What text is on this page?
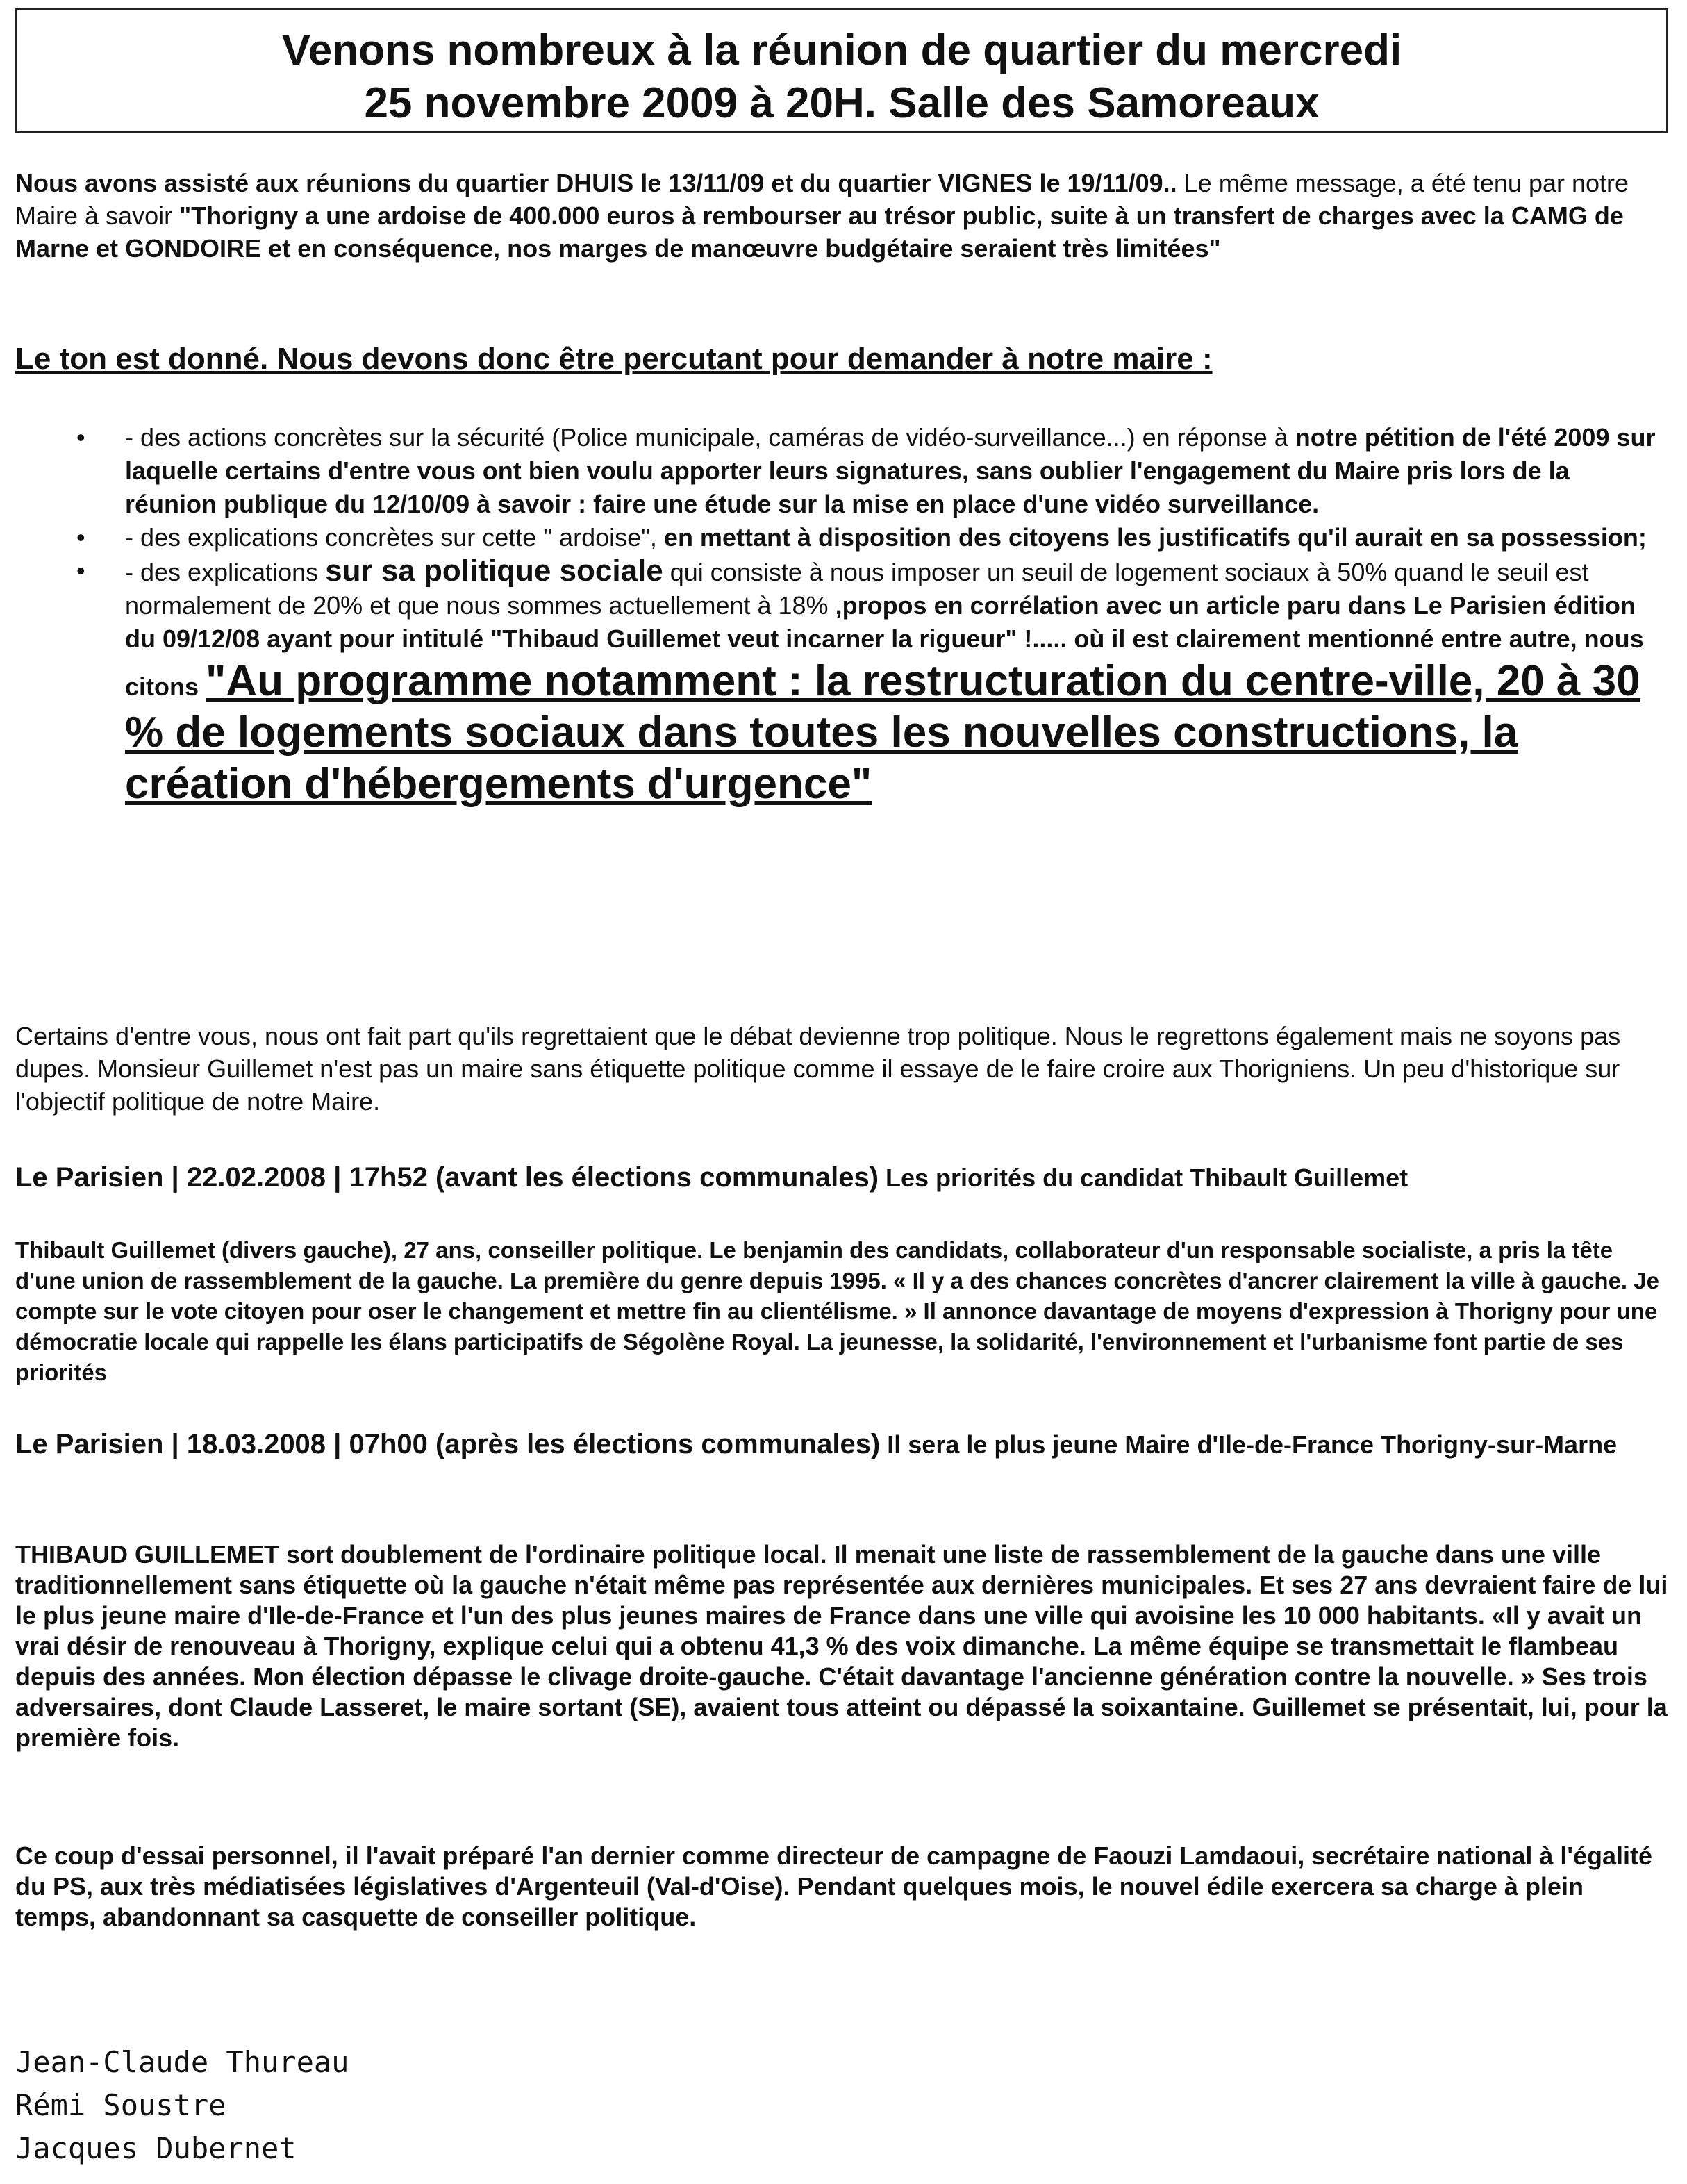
Venons nombreux à la réunion de quartier du mercredi
25 novembre 2009 à 20H. Salle des Samoreaux
Nous avons assisté aux réunions du quartier DHUIS le 13/11/09 et du quartier VIGNES le 19/11/09.. Le même message, a été tenu par notre Maire à savoir "Thorigny a une ardoise de 400.000 euros à rembourser au trésor public, suite à un transfert de charges avec la CAMG de Marne et GONDOIRE et en conséquence, nos marges de manœuvre budgétaire seraient très limitées"
Le ton est donné. Nous devons donc être percutant pour demander à notre maire :
• - des actions concrètes sur la sécurité (Police municipale, caméras de vidéo-surveillance...) en réponse à notre pétition de l'été 2009 sur laquelle certains d'entre vous ont bien voulu apporter leurs signatures, sans oublier l'engagement du Maire pris lors de la réunion publique du 12/10/09 à savoir : faire une étude sur la mise en place d'une vidéo surveillance.
• - des explications concrètes sur cette " ardoise", en mettant à disposition des citoyens les justificatifs qu'il aurait en sa possession;
• - des explications sur sa politique sociale qui consiste à nous imposer un seuil de logement sociaux à 50% quand le seuil est normalement de 20% et que nous sommes actuellement à 18% ,propos en corrélation avec un article paru dans Le Parisien édition du 09/12/08 ayant pour intitulé "Thibaud Guillemet veut incarner la rigueur" !..... où il est clairement mentionné entre autre, nous citons "Au programme notamment : la restructuration du centre-ville, 20 à 30 % de logements sociaux dans toutes les nouvelles constructions, la création d'hébergements d'urgence"
Certains d'entre vous, nous ont fait part qu'ils regrettaient que le débat devienne trop politique. Nous le regrettons également mais ne soyons pas dupes. Monsieur Guillemet n'est pas un maire sans étiquette politique comme il essaye de le faire croire aux Thorigniens. Un peu d'historique sur l'objectif politique de notre Maire.
Le Parisien | 22.02.2008 | 17h52 (avant les élections communales) Les priorités du candidat Thibault Guillemet
Thibault Guillemet (divers gauche), 27 ans, conseiller politique. Le benjamin des candidats, collaborateur d'un responsable socialiste, a pris la tête d'une union de rassemblement de la gauche. La première du genre depuis 1995. « Il y a des chances concrètes d'ancrer clairement la ville à gauche. Je compte sur le vote citoyen pour oser le changement et mettre fin au clientélisme. » Il annonce davantage de moyens d'expression à Thorigny pour une démocratie locale qui rappelle les élans participatifs de Ségolène Royal. La jeunesse, la solidarité, l'environnement et l'urbanisme font partie de ses priorités
Le Parisien | 18.03.2008 | 07h00 (après les élections communales) Il sera le plus jeune Maire d'Ile-de-France Thorigny-sur-Marne
THIBAUD GUILLEMET sort doublement de l'ordinaire politique local. Il menait une liste de rassemblement de la gauche dans une ville traditionnellement sans étiquette où la gauche n'était même pas représentée aux dernières municipales. Et ses 27 ans devraient faire de lui le plus jeune maire d'Ile-de-France et l'un des plus jeunes maires de France dans une ville qui avoisine les 10 000 habitants. «Il y avait un vrai désir de renouveau à Thorigny, explique celui qui a obtenu 41,3 % des voix dimanche. La même équipe se transmettait le flambeau depuis des années. Mon élection dépasse le clivage droite-gauche. C'était davantage l'ancienne génération contre la nouvelle. » Ses trois adversaires, dont Claude Lasseret, le maire sortant (SE), avaient tous atteint ou dépassé la soixantaine. Guillemet se présentait, lui, pour la première fois.
Ce coup d'essai personnel, il l'avait préparé l'an dernier comme directeur de campagne de Faouzi Lamdaoui, secrétaire national à l'égalité du PS, aux très médiatisées législatives d'Argenteuil (Val-d'Oise). Pendant quelques mois, le nouvel édile exercera sa charge à plein temps, abandonnant sa casquette de conseiller politique.
Jean-Claude Thureau
Rémi Soustre
Jacques Dubernet
